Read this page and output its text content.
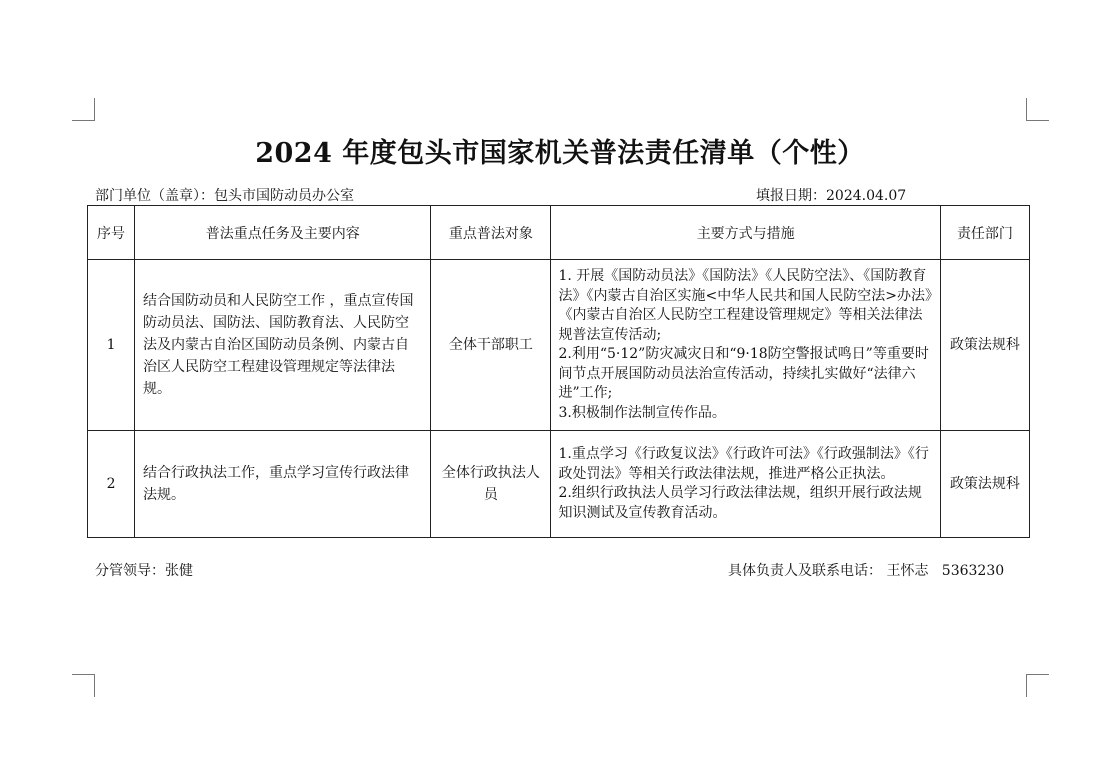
2024 年度包头市国家机关普法责任清单（个性）
部门单位（盖章）：包头市国防动员办公室	填报日期：2024.04.07
序号	普法重点任务及主要内容	重点普法对象	主要方式与措施	责任部门
1	结合国防动员和人民防空工作 ，重点宣传国防动员法、国防法、国防教育法、人民防空法及内蒙古自治区国防动员条例、内蒙古自治区人民防空工程建设管理规定等法律法规。	全体干部职工	1. 开展《国防动员法》《国防法》《人民防空法》、《国防教育法》《内蒙古自治区实施<中华人民共和国人民防空法>办法》《内蒙古自治区人民防空工程建设管理规定》等相关法律法规普法宣传活动;
2.利用“5·12”防灾减灾日和“9·18防空警报试鸣日”等重要时间节点开展国防动员法治宣传活动，持续扎实做好“法律六进”工作;
3.积极制作法制宣传作品。	政策法规科
2	结合行政执法工作，重点学习宣传行政法律法规。	全体行政执法人员	1.重点学习《行政复议法》《行政许可法》《行政强制法》《行政处罚法》等相关行政法律法规，推进严格公正执法。
2.组织行政执法人员学习行政法律法规，组织开展行政法规知识测试及宣传教育活动。	政策法规科
分管领导：张健	具体负责人及联系电话： 王怀志   5363230
